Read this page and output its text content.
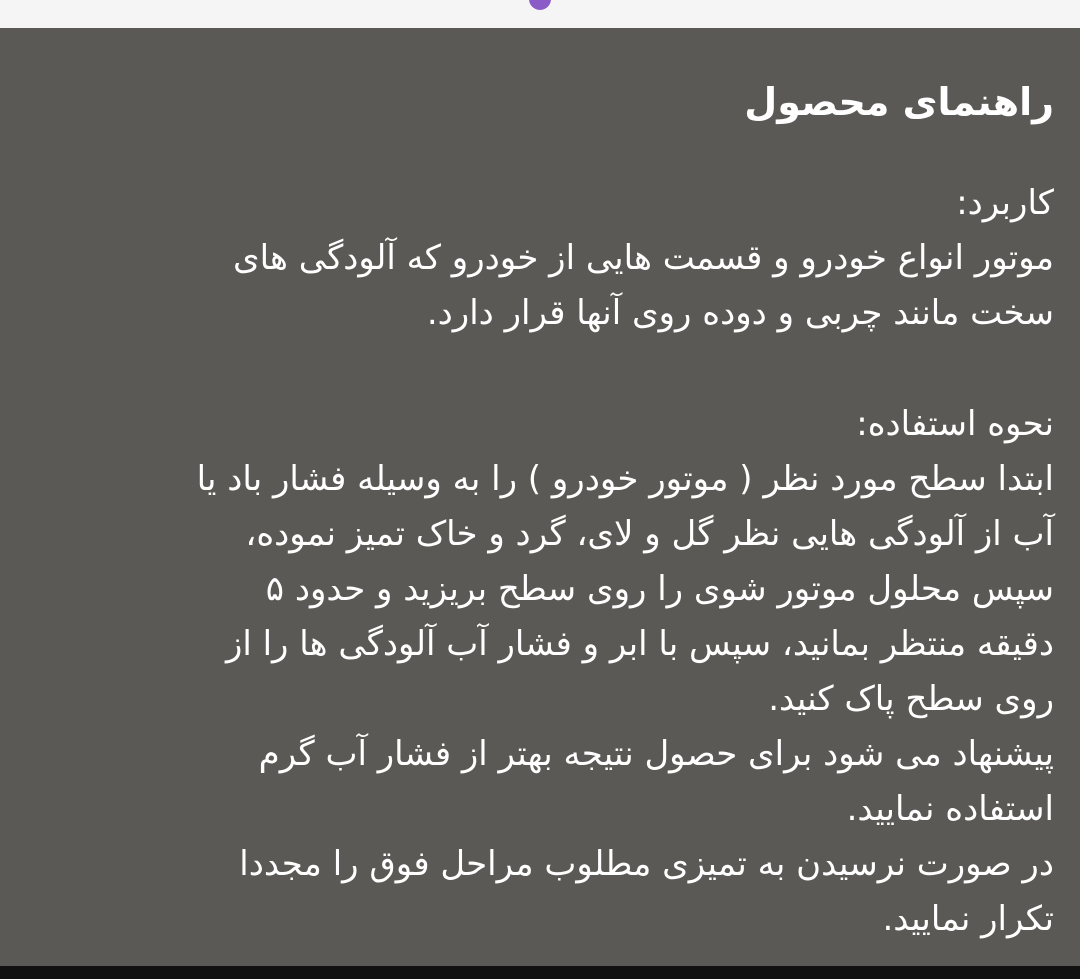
راهنمای محصول

کاربرد:

موتور انواع خودرو و قسمت هایی از خودرو که آلودگی های
سخت مانند چربی و دوده روی آنها قرار دارد.

نحوه استفاده:

ابتدا سطح مورد نظر ( موتور خودرو ) را به وسیله فشار باد یا
آب از آلودگی هایی نظر گل و لای، گرد و خاک تمیز نموده،
سپس محلول موتور شوی را روی سطح بریزید و حدود ۵
دقیقه منتظر بمانید، سپس با ابر و فشار آب آلودگی ها را از
روی سطح پاک کنید.
پیشنهاد می شود برای حصول نتیجه بهتر از فشار آب گرم
استفاده نمایید.
در صورت نرسیدن به تمیزی مطلوب مراحل فوق را مجددا
تکرار نمایید.
